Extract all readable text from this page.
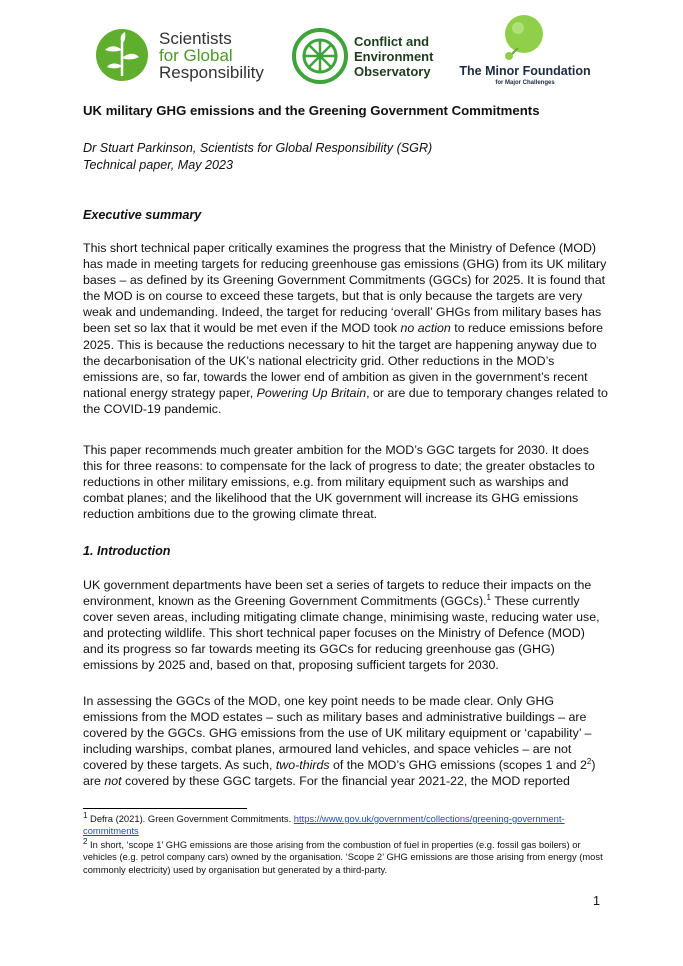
Scientists
for Global
Responsibility
Conflict and
Environment
Observatory	The Minor Foundation
for Major Challenges
UK military GHG emissions and the Greening Government Commitments
Dr Stuart Parkinson, Scientists for Global Responsibility (SGR)
Technical paper, May 2023
Executive summary

This short technical paper critically examines the progress that the Ministry of Defence (MOD) has made in meeting targets for reducing greenhouse gas emissions (GHG) from its UK military bases – as defined by its Greening Government Commitments (GGCs) for 2025. It is found that the MOD is on course to exceed these targets, but that is only because the targets are very weak and undemanding. Indeed, the target for reducing ‘overall’ GHGs from military bases has been set so lax that it would be met even if the MOD took no action to reduce emissions before 2025. This is because the reductions necessary to hit the target are happening anyway due to the decarbonisation of the UK’s national electricity grid. Other reductions in the MOD’s emissions are, so far, towards the lower end of ambition as given in the government’s recent national energy strategy paper, Powering Up Britain, or are due to temporary changes related to the COVID-19 pandemic.

This paper recommends much greater ambition for the MOD’s GGC targets for 2030. It does this for three reasons: to compensate for the lack of progress to date; the greater obstacles to reductions in other military emissions, e.g. from military equipment such as warships and combat planes; and the likelihood that the UK government will increase its GHG emissions reduction ambitions due to the growing climate threat.

1. Introduction

UK government departments have been set a series of targets to reduce their impacts on the environment, known as the Greening Government Commitments (GGCs).$^1$ These currently cover seven areas, including mitigating climate change, minimising waste, reducing water use, and protecting wildlife. This short technical paper focuses on the Ministry of Defence (MOD) and its progress so far towards meeting its GGCs for reducing greenhouse gas (GHG) emissions by 2025 and, based on that, proposing sufficient targets for 2030.

In assessing the GGCs of the MOD, one key point needs to be made clear. Only GHG emissions from the MOD estates – such as military bases and administrative buildings – are covered by the GGCs. GHG emissions from the use of UK military equipment or ‘capability’ – including warships, combat planes, armoured land vehicles, and space vehicles – are not covered by these targets. As such, two-thirds of the MOD’s GHG emissions (scopes 1 and $2^2$) are not covered by these GGC targets. For the financial year 2021-22, the MOD reported

$^1$ Defra (2021). Green Government Commitments. https://www.gov.uk/government/collections/greening-government-commitments

$^2$ In short, ‘scope 1’ GHG emissions are those arising from the combustion of fuel in properties (e.g. fossil gas boilers) or vehicles (e.g. petrol company cars) owned by the organisation. ‘Scope 2’ GHG emissions are those arising from energy (most commonly electricity) used by organisation but generated by a third-party.

1
